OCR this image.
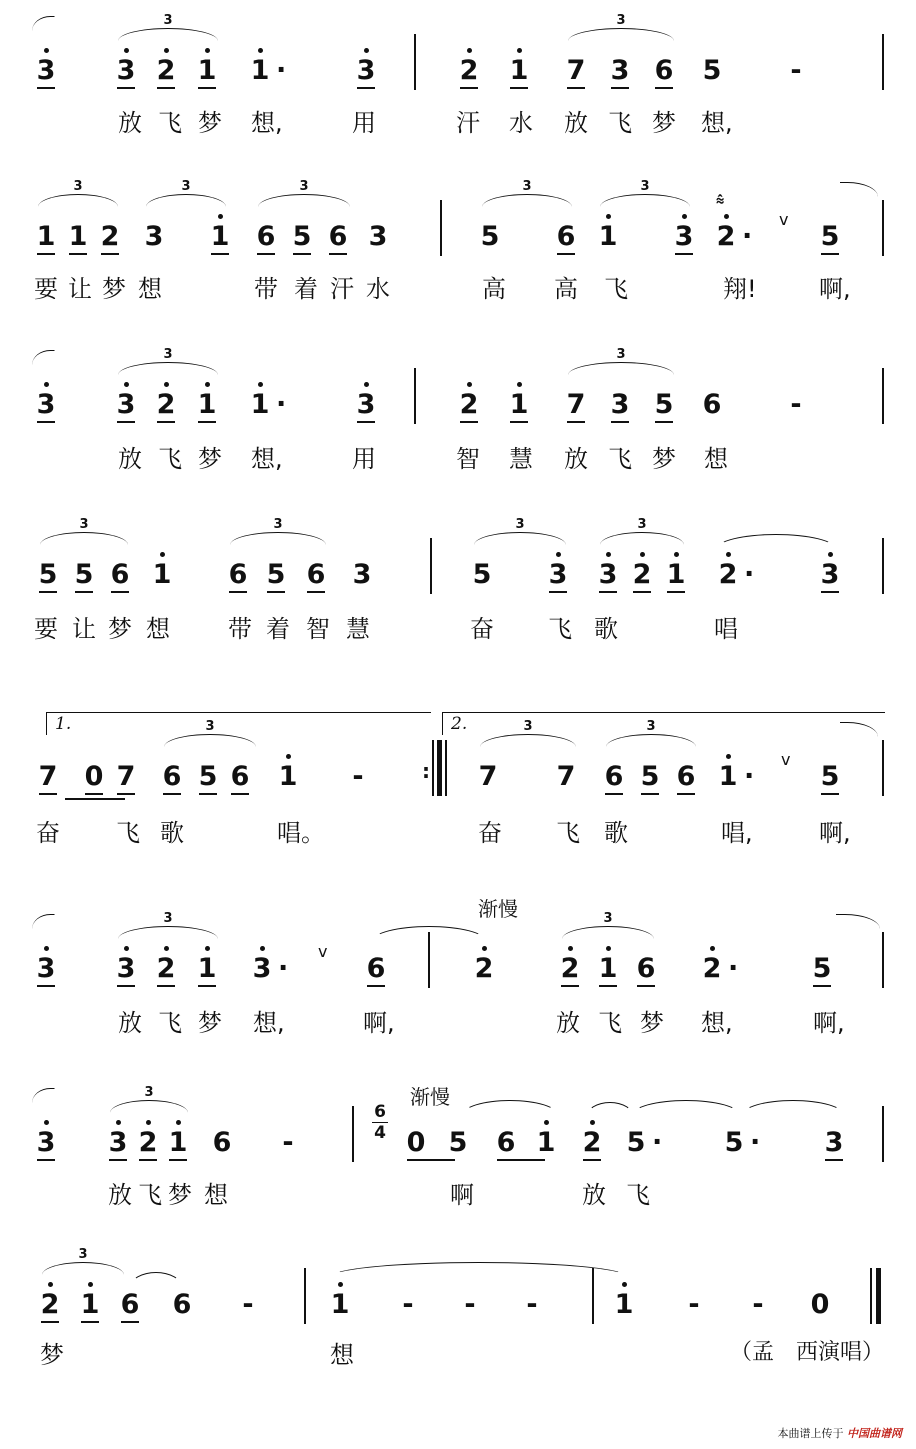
3
3
3 2 1 1 ·	3	2 1
3
7 3 6 5	-
放 飞 梦 想,	用	汗 水 放 飞 梦 想,
3
1 1 2
3
3 1
3
6 5 6 3
3
5 6
3
1 3
⩯
2 ·
v
5
要 让 梦 想	带 着 汗 水	高 高 飞	翔!	啊,
3
3
3 2 1 1 ·	3	2 1
3
7 3 5 6	-
放 飞 梦 想,	用	智 慧 放 飞 梦 想
3
5 5 6 1
3
6 5 6 3
3
5 3
3
3 2 1 2 · 3
要 让 梦 想 带 着 智 慧	奋 飞 歌	唱
1.	2.
7 0 7
3
6 5 6 1 -	:
3
7 7
3
6 5 6 1 ·
v
5
奋 飞 歌	唱。	奋 飞 歌	唱,	啊,
渐慢
3
3
3 2 1 3 ·
v
6	2
3
2 1 6 2 ·	5
放 飞 梦 想,	啊,	放 飞 梦 想,	啊,
渐慢
3
3
3 2 1 6 -
6
4 0 5 6 1 2 5 · 5 · 3
放 飞 梦 想	啊	放 飞
3
2 1 6 6 -	1 - - -	1 - - 0
梦	想	（孟　西演唱）
本曲谱上传于 中国曲谱网
